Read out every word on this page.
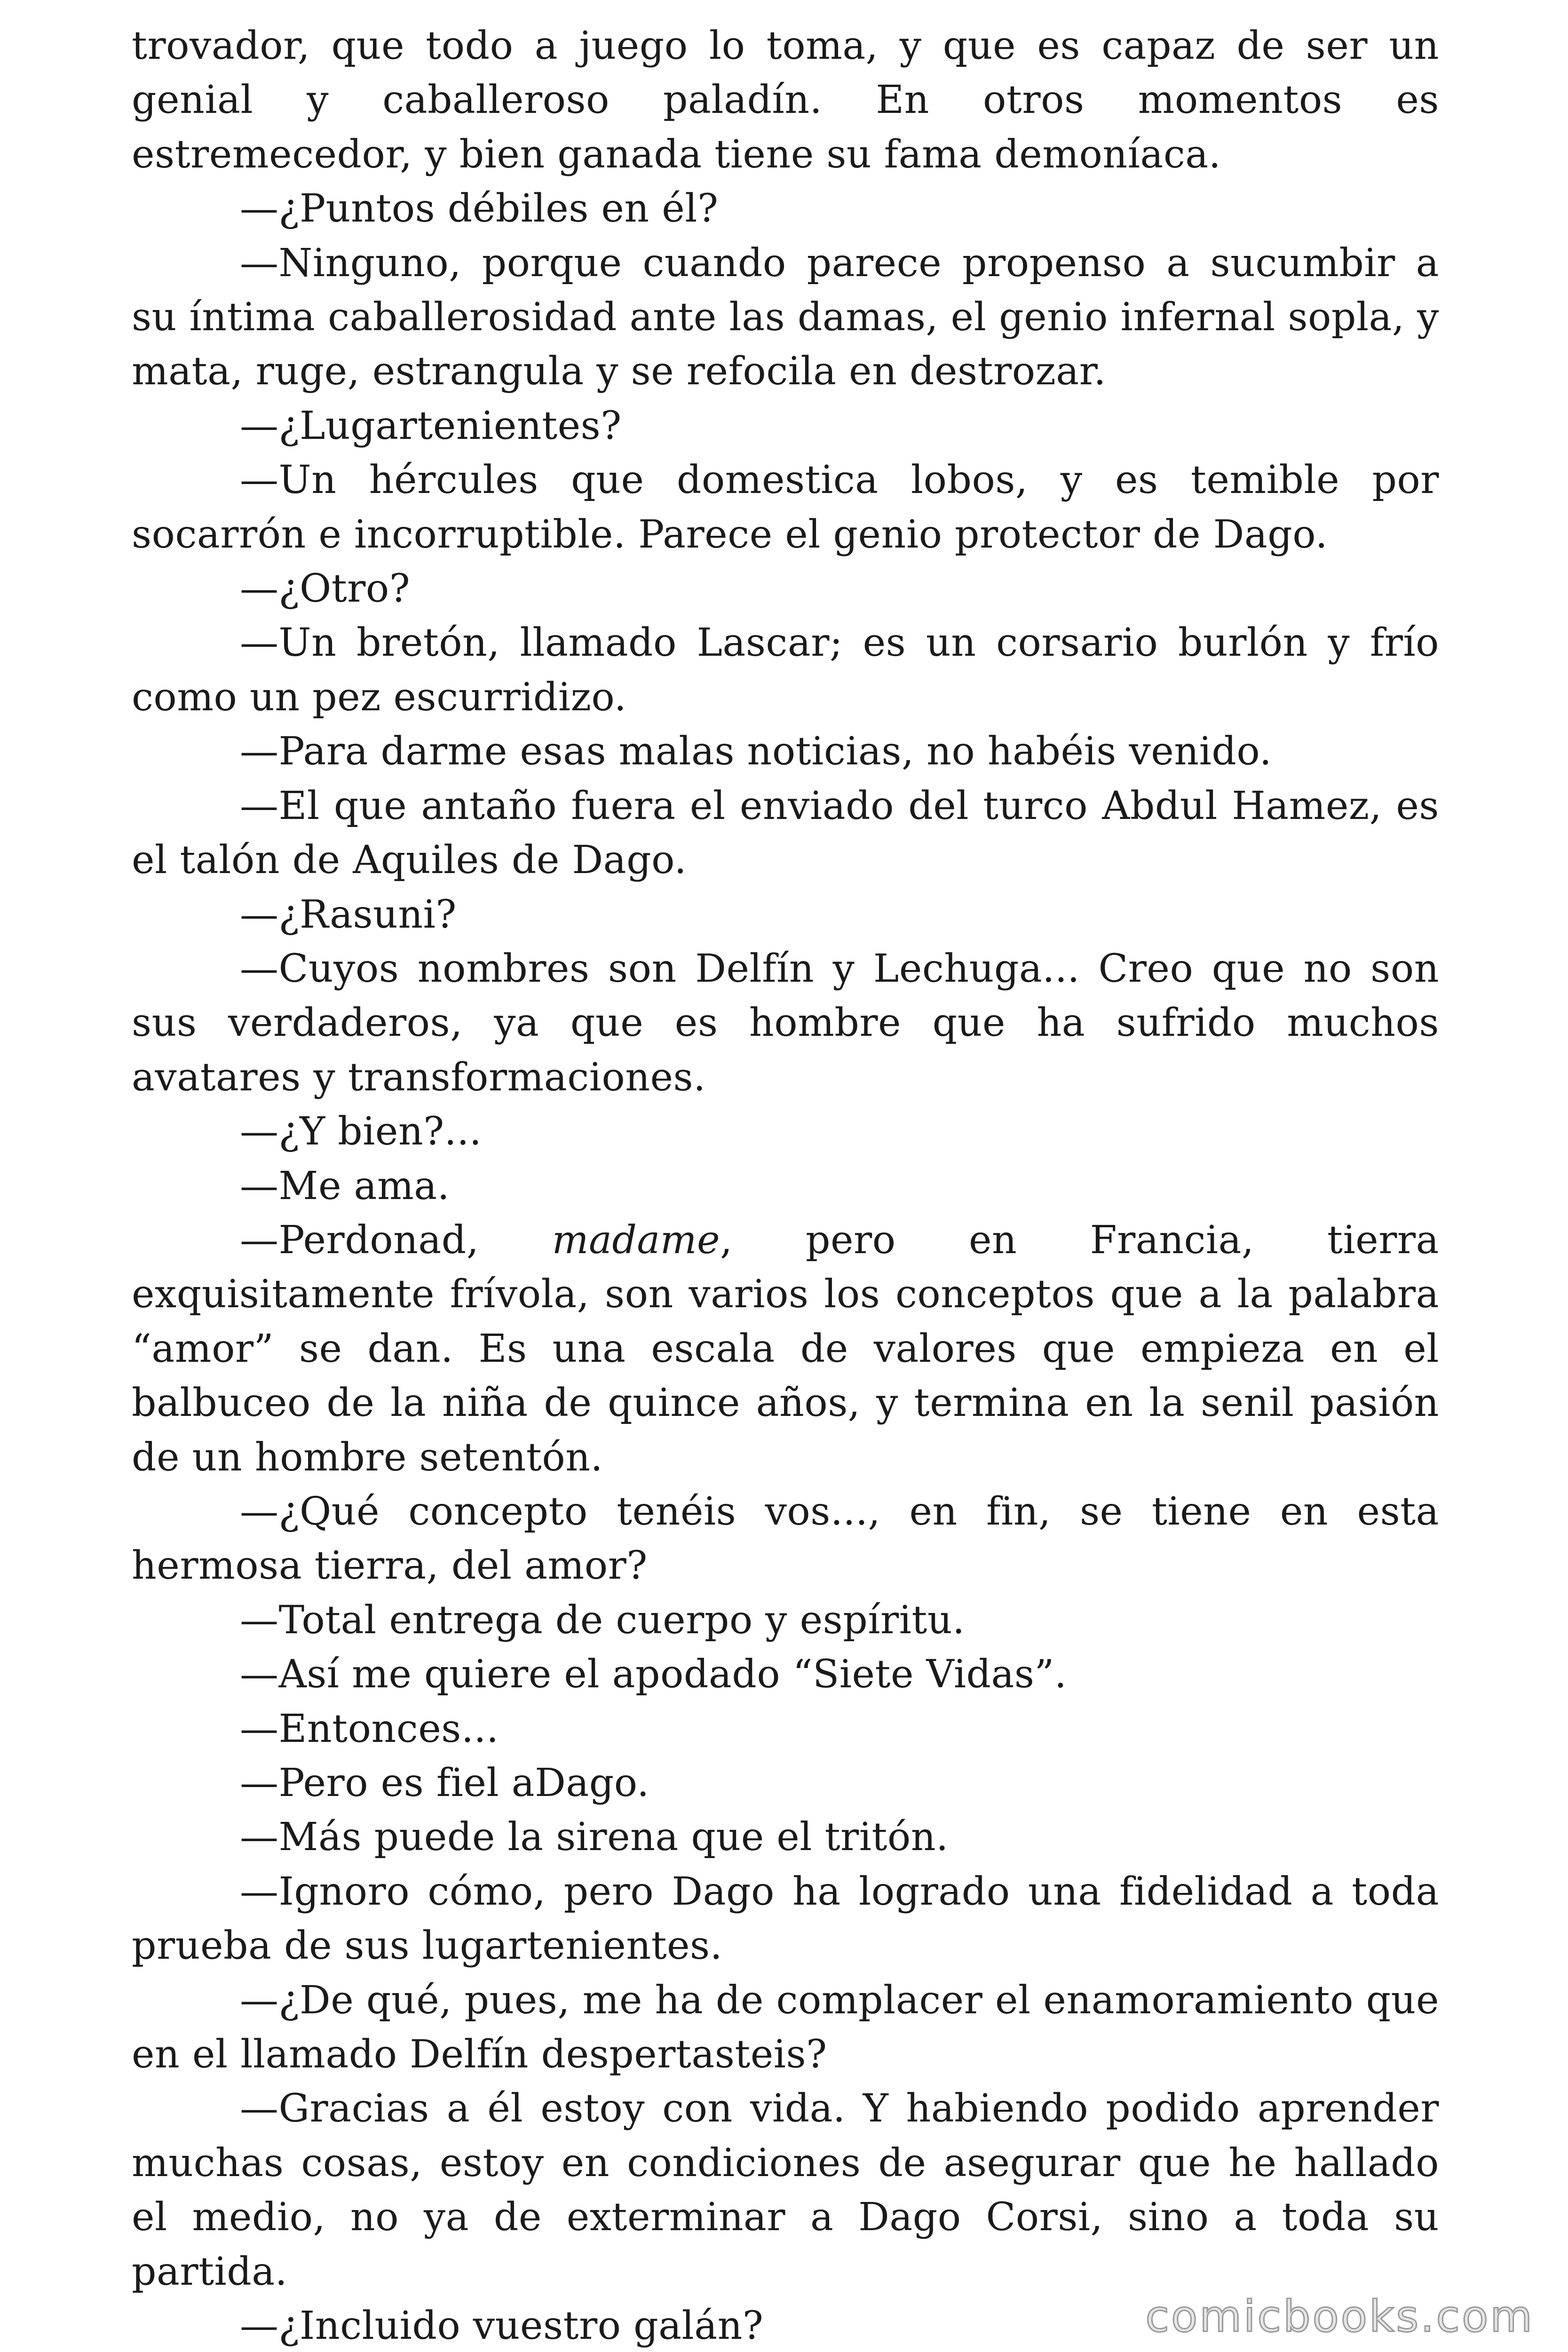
trovador, que todo a juego lo toma, y que es capaz de ser un genial y caballeroso paladín. En otros momentos es estremecedor, y bien ganada tiene su fama demoníaca.

—¿Puntos débiles en él?

—Ninguno, porque cuando parece propenso a sucumbir a su íntima caballerosidad ante las damas, el genio infernal sopla, y mata, ruge, estrangula y se refocila en destrozar.

—¿Lugartenientes?

—Un hércules que domestica lobos, y es temible por socarrón e incorruptible. Parece el genio protector de Dago.

—¿Otro?

—Un bretón, llamado Lascar; es un corsario burlón y frío como un pez escurridizo.

—Para darme esas malas noticias, no habéis venido.

—El que antaño fuera el enviado del turco Abdul Hamez, es el talón de Aquiles de Dago.

—¿Rasuni?

—Cuyos nombres son Delfín y Lechuga... Creo que no son sus verdaderos, ya que es hombre que ha sufrido muchos avatares y transformaciones.

—¿Y bien?...

—Me ama.

—Perdonad, madame, pero en Francia, tierra exquisitamente frívola, son varios los conceptos que a la palabra “amor” se dan. Es una escala de valores que empieza en el balbuceo de la niña de quince años, y termina en la senil pasión de un hombre setentón.

—¿Qué concepto tenéis vos..., en fin, se tiene en esta hermosa tierra, del amor?

—Total entrega de cuerpo y espíritu.

—Así me quiere el apodado “Siete Vidas”.

—Entonces...

—Pero es fiel aDago.

—Más puede la sirena que el tritón.

—Ignoro cómo, pero Dago ha logrado una fidelidad a toda prueba de sus lugartenientes.

—¿De qué, pues, me ha de complacer el enamoramiento que en el llamado Delfín despertasteis?

—Gracias a él estoy con vida. Y habiendo podido aprender muchas cosas, estoy en condiciones de asegurar que he hallado el medio, no ya de exterminar a Dago Corsi, sino a toda su partida.

—¿Incluido vuestro galán?	comicbooks.com
